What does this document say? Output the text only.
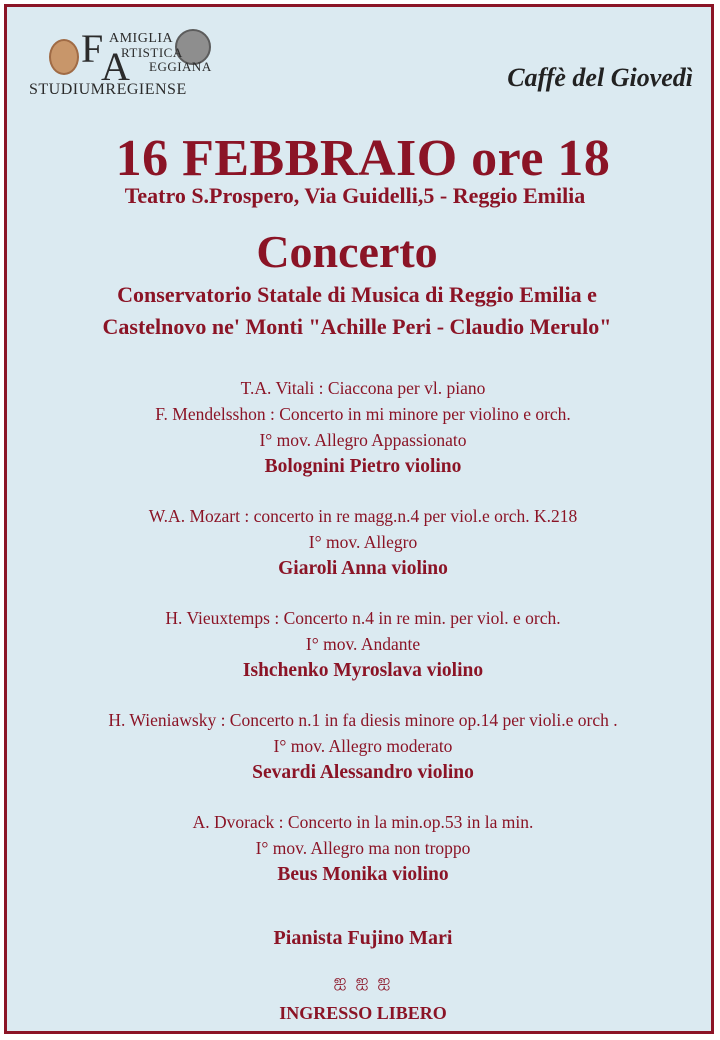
F
A
AMIGLIA
RTISTICA
EGGIANA
STUDIUMREGIENSE	Caffè del Giovedì
16 FEBBRAIO ore 18
Teatro S.Prospero, Via Guidelli,5 - Reggio Emilia
Concerto
Conservatorio Statale di Musica di Reggio Emilia e
Castelnovo ne' Monti "Achille Peri - Claudio Merulo"
T.A. Vitali : Ciaccona per vl. piano
F. Mendelsshon : Concerto in mi minore per violino e orch.
I° mov. Allegro Appassionato
Bolognini Pietro violino
W.A. Mozart : concerto in re magg.n.4 per viol.e orch. K.218
I° mov. Allegro
Giaroli Anna violino
H. Vieuxtemps : Concerto n.4 in re min. per viol. e orch.
I° mov. Andante
Ishchenko Myroslava violino
H. Wieniawsky : Concerto n.1 in fa diesis minore op.14 per violi.e orch .
I° mov. Allegro moderato
Sevardi Alessandro violino
A. Dvorack : Concerto in la min.op.53 in la min.
I° mov. Allegro ma non troppo
Beus Monika violino
Pianista Fujino Mari
ஐ ஐ ஐ
INGRESSO LIBERO
